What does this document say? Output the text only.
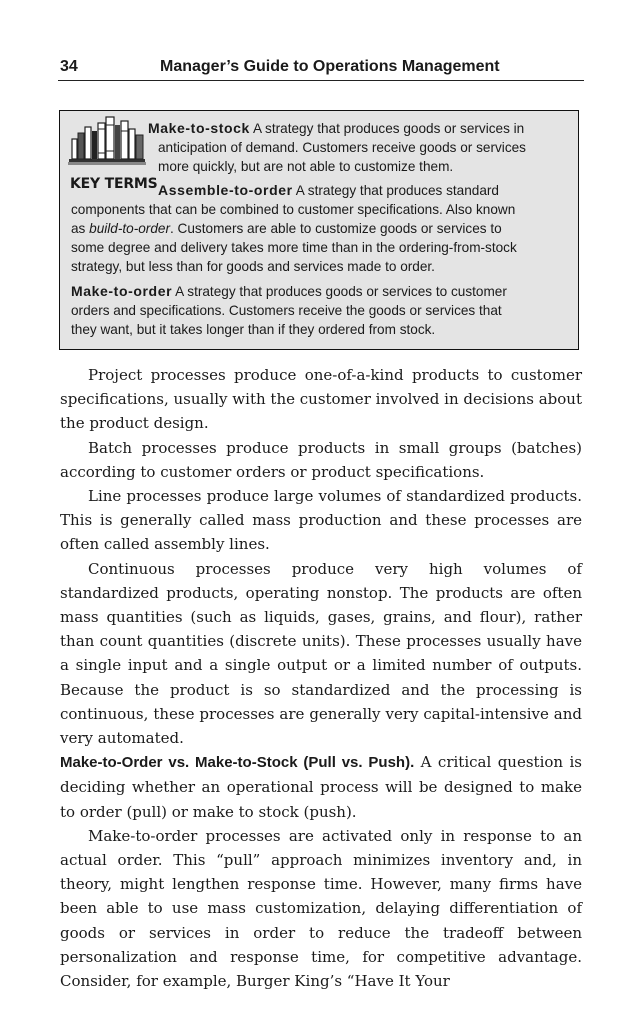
34	Manager’s Guide to Operations Management
KEY TERMS
Make-to-stock A strategy that produces goods or services in
anticipation of demand. Customers receive goods or services
more quickly, but are not able to customize them.
Assemble-to-order A strategy that produces standard
components that can be combined to customer specifications. Also known
as build-to-order. Customers are able to customize goods or services to
some degree and delivery takes more time than in the ordering-from-stock
strategy, but less than for goods and services made to order.
Make-to-order A strategy that produces goods or services to customer
orders and specifications. Customers receive the goods or services that
they want, but it takes longer than if they ordered from stock.

Project processes produce one-of-a-kind products to customer specifications, usually with the customer involved in decisions about the product design.

Batch processes produce products in small groups (batches) according to customer orders or product specifications.

Line processes produce large volumes of standardized products. This is generally called mass production and these processes are often called assembly lines.

Continuous processes produce very high volumes of standardized products, operating nonstop. The products are often mass quantities (such as liquids, gases, grains, and flour), rather than count quantities (discrete units). These processes usually have a single input and a single output or a limited number of outputs. Because the product is so standardized and the processing is continuous, these processes are generally very capital-intensive and very automated.

Make-to-Order vs. Make-to-Stock (Pull vs. Push). A critical question is deciding whether an operational process will be designed to make to order (pull) or make to stock (push).

Make-to-order processes are activated only in response to an actual order. This “pull” approach minimizes inventory and, in theory, might lengthen response time. However, many firms have been able to use mass customization, delaying differentiation of goods or services in order to reduce the tradeoff between personalization and response time, for competitive advantage. Consider, for example, Burger King’s “Have It Your
